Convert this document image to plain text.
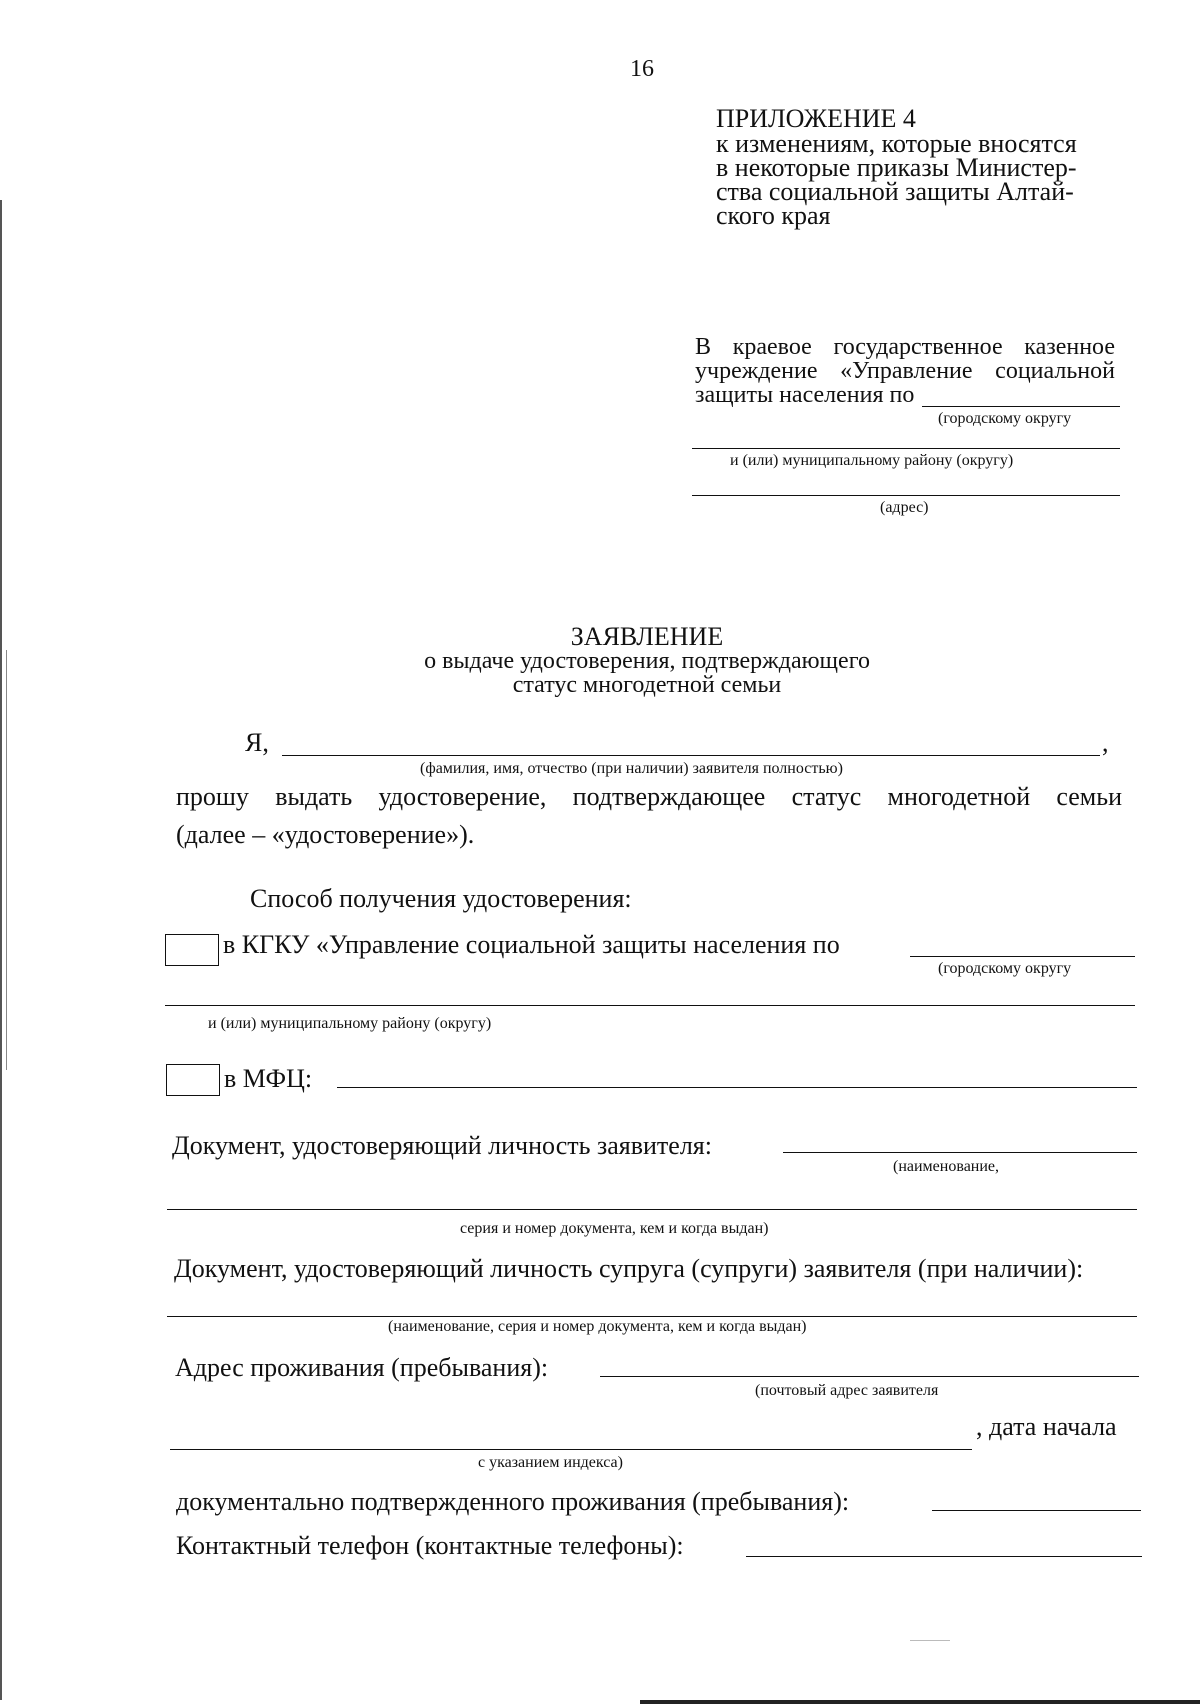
16
ПРИЛОЖЕНИЕ 4
к изменениям, которые вносятся
в некоторые приказы Министер-
ства социальной защиты Алтай-
ского края
В краевое государственное казенное
учреждение «Управление социальной
защиты населения по
(городскому округу
и (или) муниципальному району (округу)
(адрес)
ЗАЯВЛЕНИЕ
о выдаче удостоверения, подтверждающего
статус многодетной семьи
Я,	,
(фамилия, имя, отчество (при наличии) заявителя полностью)
прошу выдать удостоверение, подтверждающее статус многодетной семьи
(далее – «удостоверение»).
Способ получения удостоверения:
в КГКУ «Управление социальной защиты населения по
(городскому округу
и (или) муниципальному району (округу)
в МФЦ:
Документ, удостоверяющий личность заявителя:
(наименование,
серия и номер документа, кем и когда выдан)
Документ, удостоверяющий личность супруга (супруги) заявителя (при наличии):
(наименование, серия и номер документа, кем и когда выдан)
Адрес проживания (пребывания):
(почтовый адрес заявителя
, дата начала
с указанием индекса)
документально подтвержденного проживания (пребывания):
Контактный телефон (контактные телефоны):
